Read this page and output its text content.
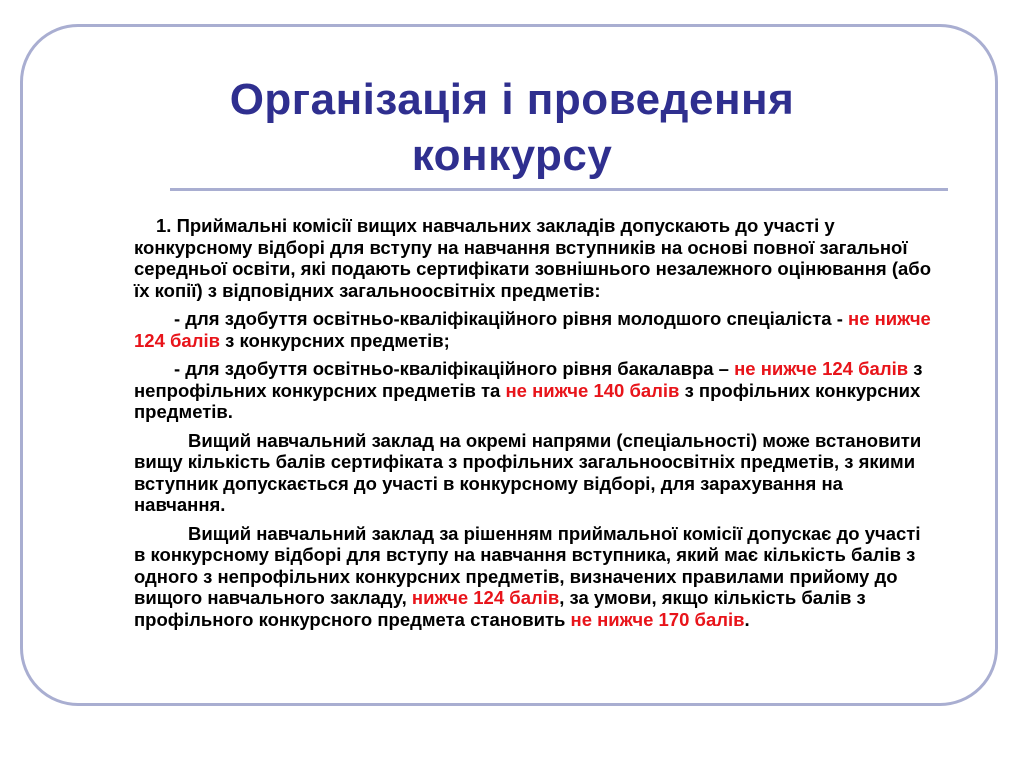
Організація і проведення
конкурсу

1. Приймальні комісії вищих навчальних закладів допускають до участі у конкурсному відборі для вступу на навчання вступників на основі повної загальної середньої освіти, які подають сертифікати зовнішнього незалежного оцінювання (або їх копії) з відповідних загальноосвітніх предметів:

- для здобуття освітньо-кваліфікаційного рівня молодшого спеціаліста - не нижче 124 балів з конкурсних предметів;

- для здобуття освітньо-кваліфікаційного рівня бакалавра – не нижче 124 балів з непрофільних конкурсних предметів та не нижче 140 балів з профільних конкурсних предметів.

Вищий навчальний заклад на окремі напрями (спеціальності) може встановити вищу кількість балів сертифіката з профільних загальноосвітніх предметів, з якими вступник допускається до участі в конкурсному відборі, для зарахування на навчання.

Вищий навчальний заклад за рішенням приймальної комісії допускає до участі в конкурсному відборі для вступу на навчання вступника, який має кількість балів з одного з непрофільних конкурсних предметів, визначених правилами прийому до вищого навчального закладу, нижче 124 балів, за умови, якщо кількість балів з профільного конкурсного предмета становить не нижче 170 балів.
